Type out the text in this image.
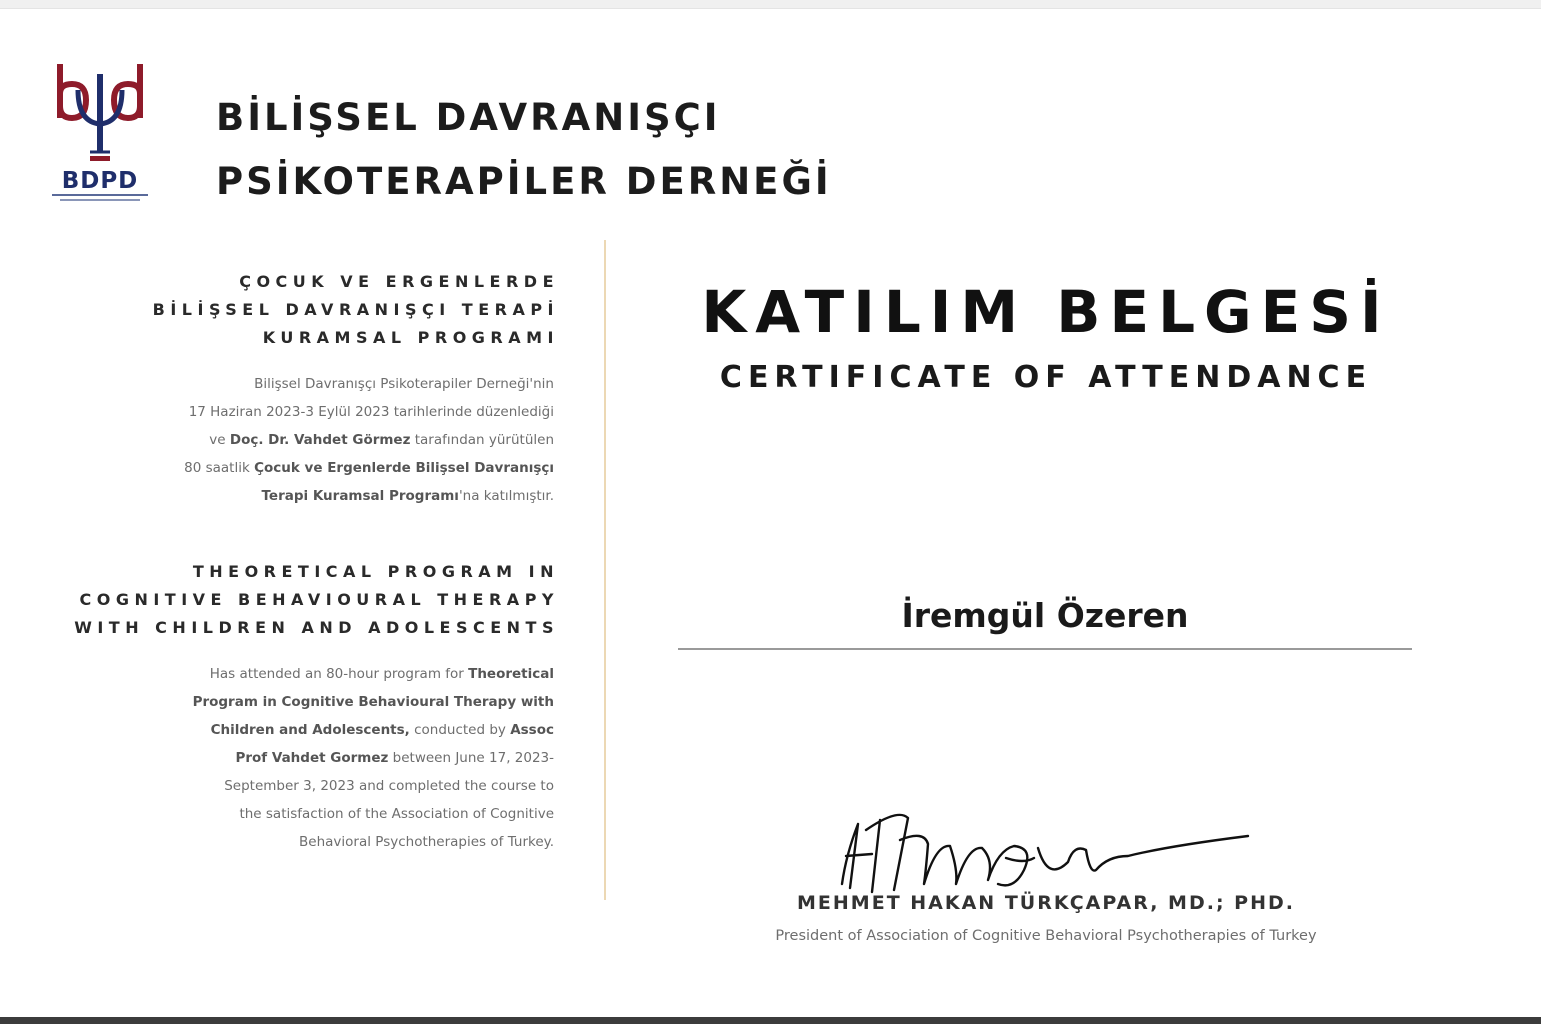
BDPD
BİLİŞSEL DAVRANIŞÇI
PSİKOTERAPİLER DERNEĞİ
ÇOCUK VE ERGENLERDE
BİLİŞSEL DAVRANIŞÇI TERAPİ
KURAMSAL PROGRAMI
Bilişsel Davranışçı Psikoterapiler Derneği'nin
17 Haziran 2023-3 Eylül 2023 tarihlerinde düzenlediği
ve Doç. Dr. Vahdet Görmez tarafından yürütülen
80 saatlik Çocuk ve Ergenlerde Bilişsel Davranışçı
Terapi Kuramsal Programı'na katılmıştır.
THEORETICAL PROGRAM IN
COGNITIVE BEHAVIOURAL THERAPY
WITH CHILDREN AND ADOLESCENTS
Has attended an 80-hour program for Theoretical
Program in Cognitive Behavioural Therapy with
Children and Adolescents, conducted by Assoc
Prof Vahdet Gormez between June 17, 2023-
September 3, 2023 and completed the course to
the satisfaction of the Association of Cognitive
Behavioral Psychotherapies of Turkey.
KATILIM BELGESİ
CERTIFICATE OF ATTENDANCE
İremgül Özeren
MEHMET HAKAN TÜRKÇAPAR, MD.; PHD.
President of Association of Cognitive Behavioral Psychotherapies of Turkey
